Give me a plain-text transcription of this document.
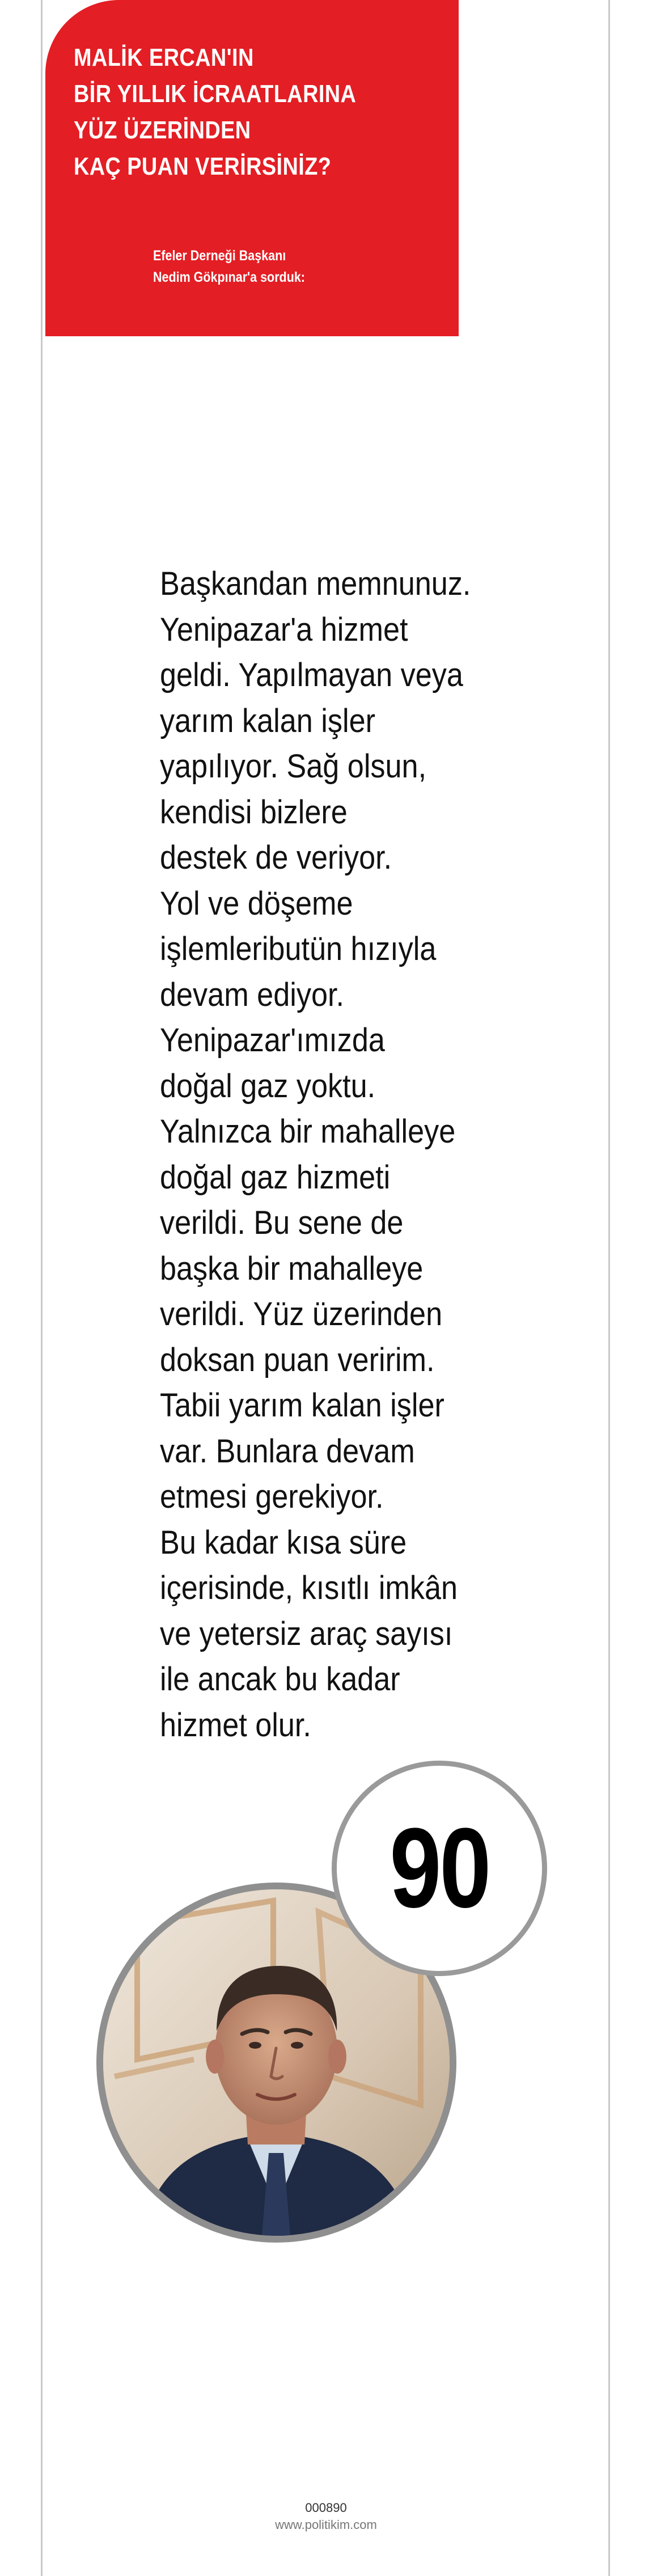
MALİK ERCAN'IN
BİR YILLIK İCRAATLARINA
YÜZ ÜZERİNDEN
KAÇ PUAN VERİRSİNİZ?
Efeler Derneği Başkanı
Nedim Gökpınar'a sorduk:
Başkandan memnunuz.
Yenipazar'a hizmet
geldi. Yapılmayan veya
yarım kalan işler
yapılıyor. Sağ olsun,
kendisi bizlere
destek de veriyor.
Yol ve döşeme
işlemleributün hızıyla
devam ediyor.
Yenipazar'ımızda
doğal gaz yoktu.
Yalnızca bir mahalleye
doğal gaz hizmeti
verildi. Bu sene de
başka bir mahalleye
verildi. Yüz üzerinden
doksan puan veririm.
Tabii yarım kalan işler
var. Bunlara devam
etmesi gerekiyor.
Bu kadar kısa süre
içerisinde, kısıtlı imkân
ve yetersiz araç sayısı
ile ancak bu kadar
hizmet olur.
90
000890
www.politikim.com
